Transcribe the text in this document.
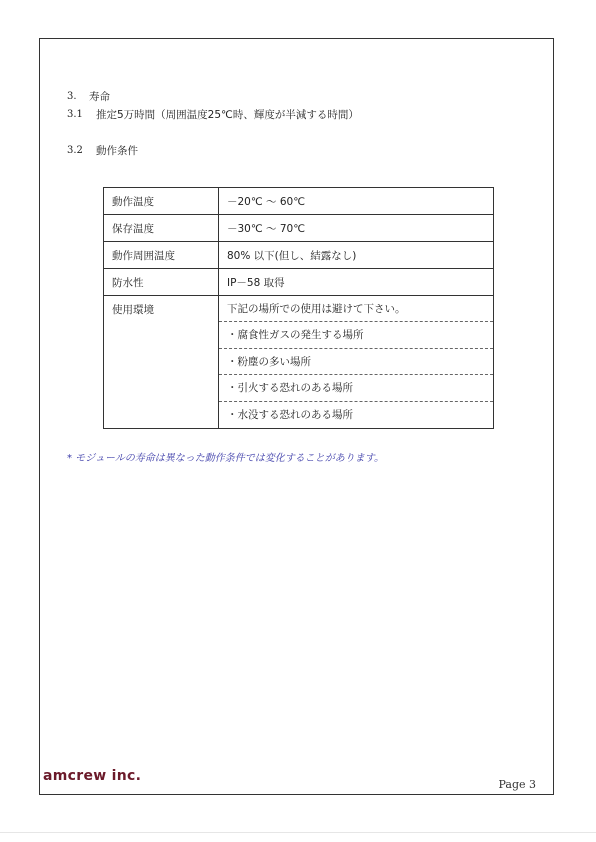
3. 寿命
3.1 推定5万時間（周囲温度25℃時、輝度が半減する時間）
3.2 動作条件
動作温度	－20℃ ～ 60℃
保存温度	－30℃ ～ 70℃
動作周囲温度	80% 以下(但し、結露なし)
防水性	IP－58 取得
使用環境	下記の場所での使用は避けて下さい。
・腐食性ガスの発生する場所
・粉塵の多い場所
・引火する恐れのある場所
・水没する恐れのある場所
* モジュールの寿命は異なった動作条件では変化することがあります。
amcrew inc.
Page 3
